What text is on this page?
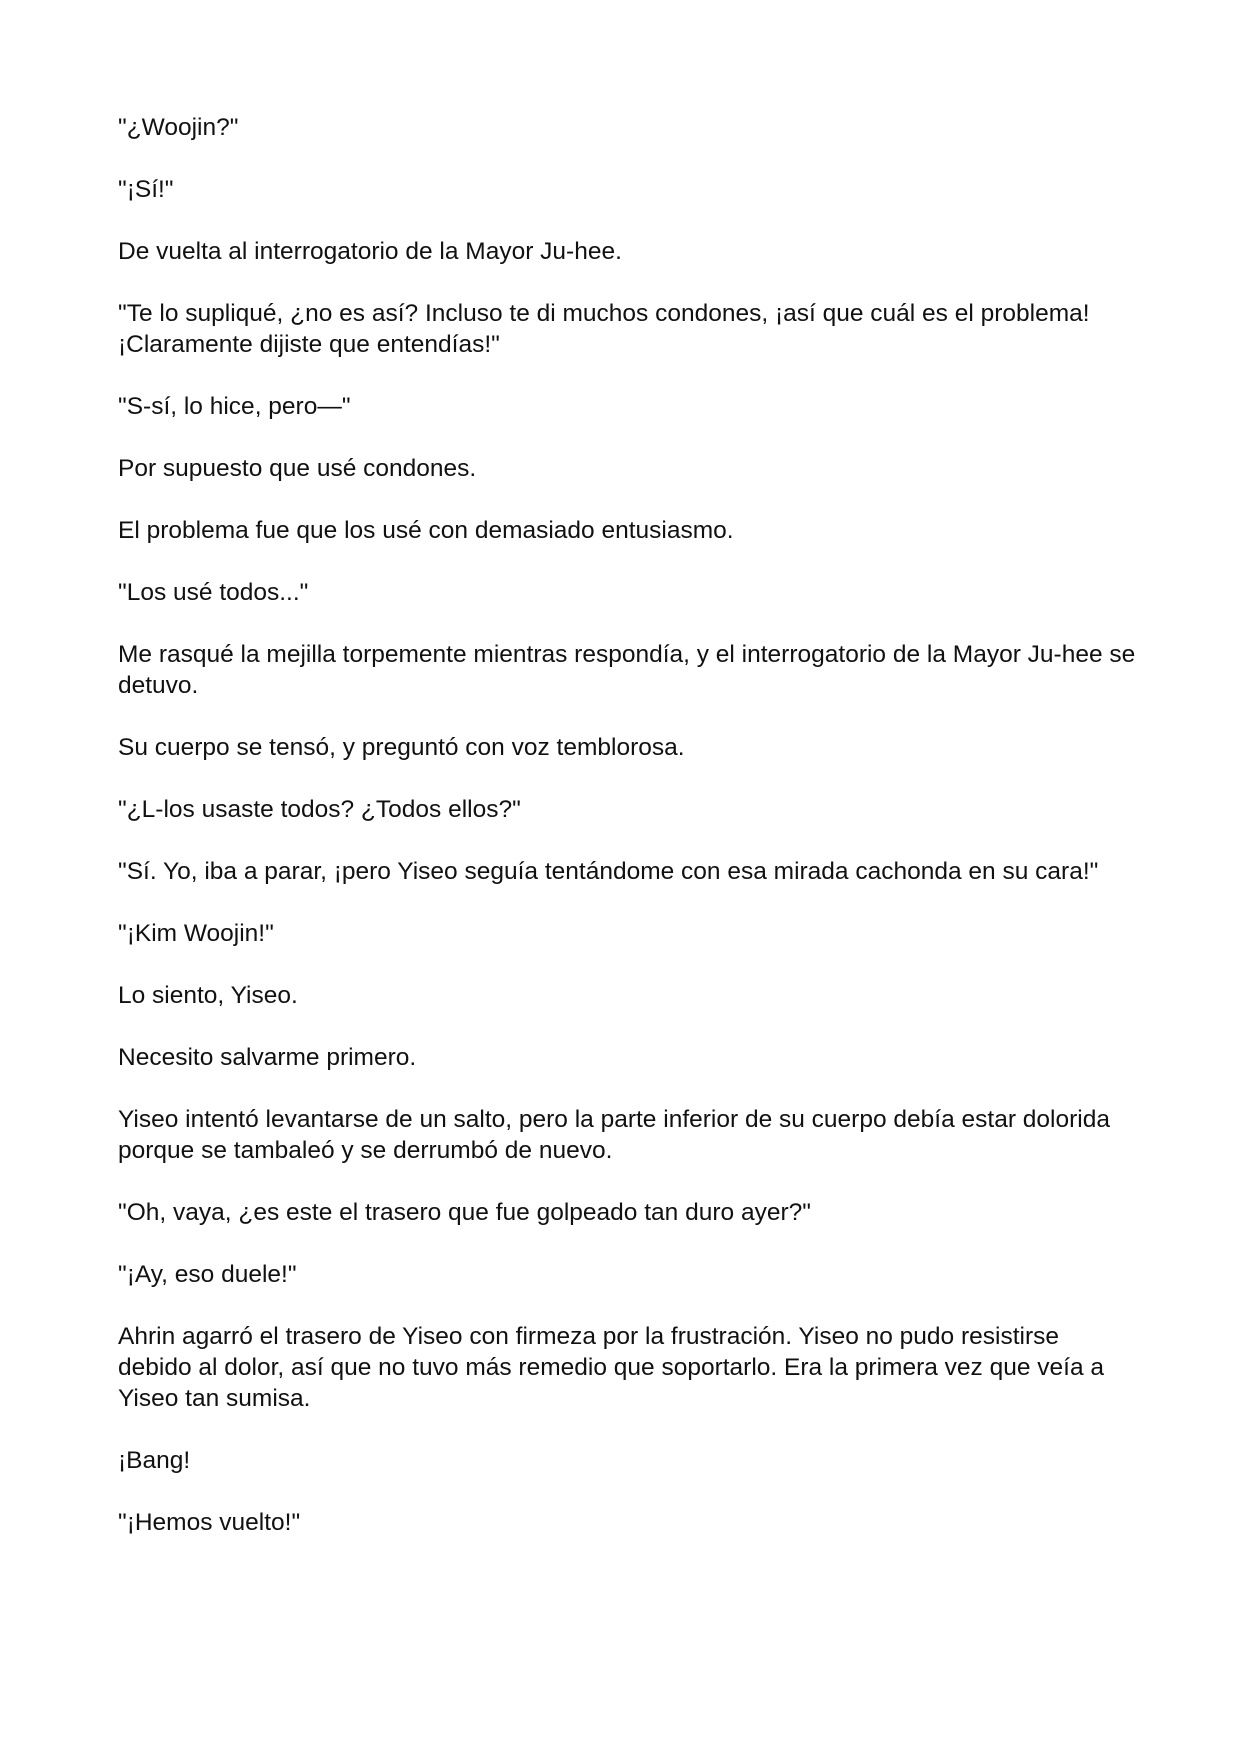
"¿Woojin?"

"¡Sí!"

De vuelta al interrogatorio de la Mayor Ju-hee.

"Te lo supliqué, ¿no es así? Incluso te di muchos condones, ¡así que cuál es el problema! ¡Claramente dijiste que entendías!"

"S-sí, lo hice, pero—"

Por supuesto que usé condones.

El problema fue que los usé con demasiado entusiasmo.

"Los usé todos..."

Me rasqué la mejilla torpemente mientras respondía, y el interrogatorio de la Mayor Ju-hee se detuvo.

Su cuerpo se tensó, y preguntó con voz temblorosa.

"¿L-los usaste todos? ¿Todos ellos?"

"Sí. Yo, iba a parar, ¡pero Yiseo seguía tentándome con esa mirada cachonda en su cara!"

"¡Kim Woojin!"

Lo siento, Yiseo.

Necesito salvarme primero.

Yiseo intentó levantarse de un salto, pero la parte inferior de su cuerpo debía estar dolorida porque se tambaleó y se derrumbó de nuevo.

"Oh, vaya, ¿es este el trasero que fue golpeado tan duro ayer?"

"¡Ay, eso duele!"

Ahrin agarró el trasero de Yiseo con firmeza por la frustración. Yiseo no pudo resistirse debido al dolor, así que no tuvo más remedio que soportarlo. Era la primera vez que veía a Yiseo tan sumisa.

¡Bang!

"¡Hemos vuelto!"
